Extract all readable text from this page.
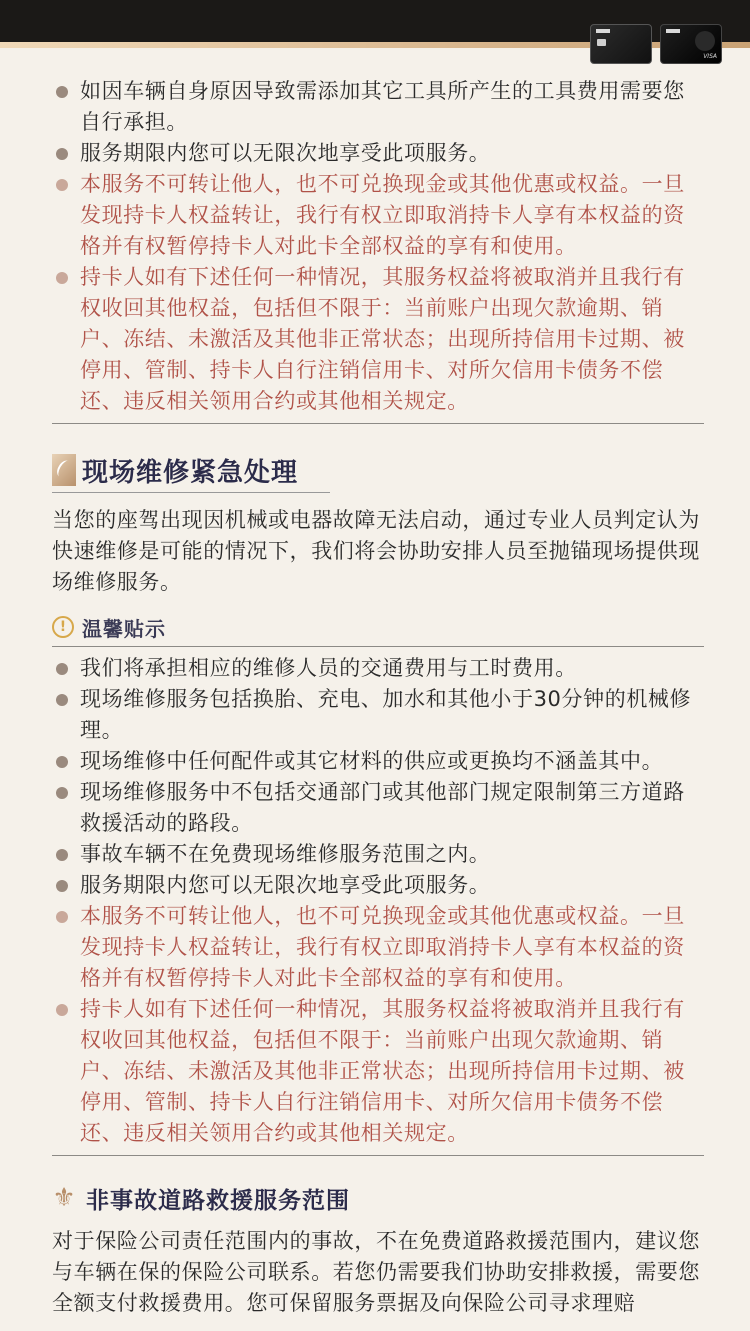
VISA
如因车辆自身原因导致需添加其它工具所产生的工具费用需要您自行承担。
服务期限内您可以无限次地享受此项服务。
本服务不可转让他人，也不可兑换现金或其他优惠或权益。一旦发现持卡人权益转让，我行有权立即取消持卡人享有本权益的资格并有权暂停持卡人对此卡全部权益的享有和使用。
持卡人如有下述任何一种情况，其服务权益将被取消并且我行有权收回其他权益，包括但不限于：当前账户出现欠款逾期、销户、冻结、未激活及其他非正常状态；出现所持信用卡过期、被停用、管制、持卡人自行注销信用卡、对所欠信用卡债务不偿还、违反相关领用合约或其他相关规定。
现场维修紧急处理
当您的座驾出现因机械或电器故障无法启动，通过专业人员判定认为快速维修是可能的情况下，我们将会协助安排人员至抛锚现场提供现场维修服务。
! 温馨贴示
我们将承担相应的维修人员的交通费用与工时费用。
现场维修服务包括换胎、充电、加水和其他小于30分钟的机械修理。
现场维修中任何配件或其它材料的供应或更换均不涵盖其中。
现场维修服务中不包括交通部门或其他部门规定限制第三方道路救援活动的路段。
事故车辆不在免费现场维修服务范围之内。
服务期限内您可以无限次地享受此项服务。
本服务不可转让他人，也不可兑换现金或其他优惠或权益。一旦发现持卡人权益转让，我行有权立即取消持卡人享有本权益的资格并有权暂停持卡人对此卡全部权益的享有和使用。
持卡人如有下述任何一种情况，其服务权益将被取消并且我行有权收回其他权益，包括但不限于：当前账户出现欠款逾期、销户、冻结、未激活及其他非正常状态；出现所持信用卡过期、被停用、管制、持卡人自行注销信用卡、对所欠信用卡债务不偿还、违反相关领用合约或其他相关规定。
⚜ 非事故道路救援服务范围
对于保险公司责任范围内的事故，不在免费道路救援范围内，建议您与车辆在保的保险公司联系。若您仍需要我们协助安排救援，需要您全额支付救援费用。您可保留服务票据及向保险公司寻求理赔
